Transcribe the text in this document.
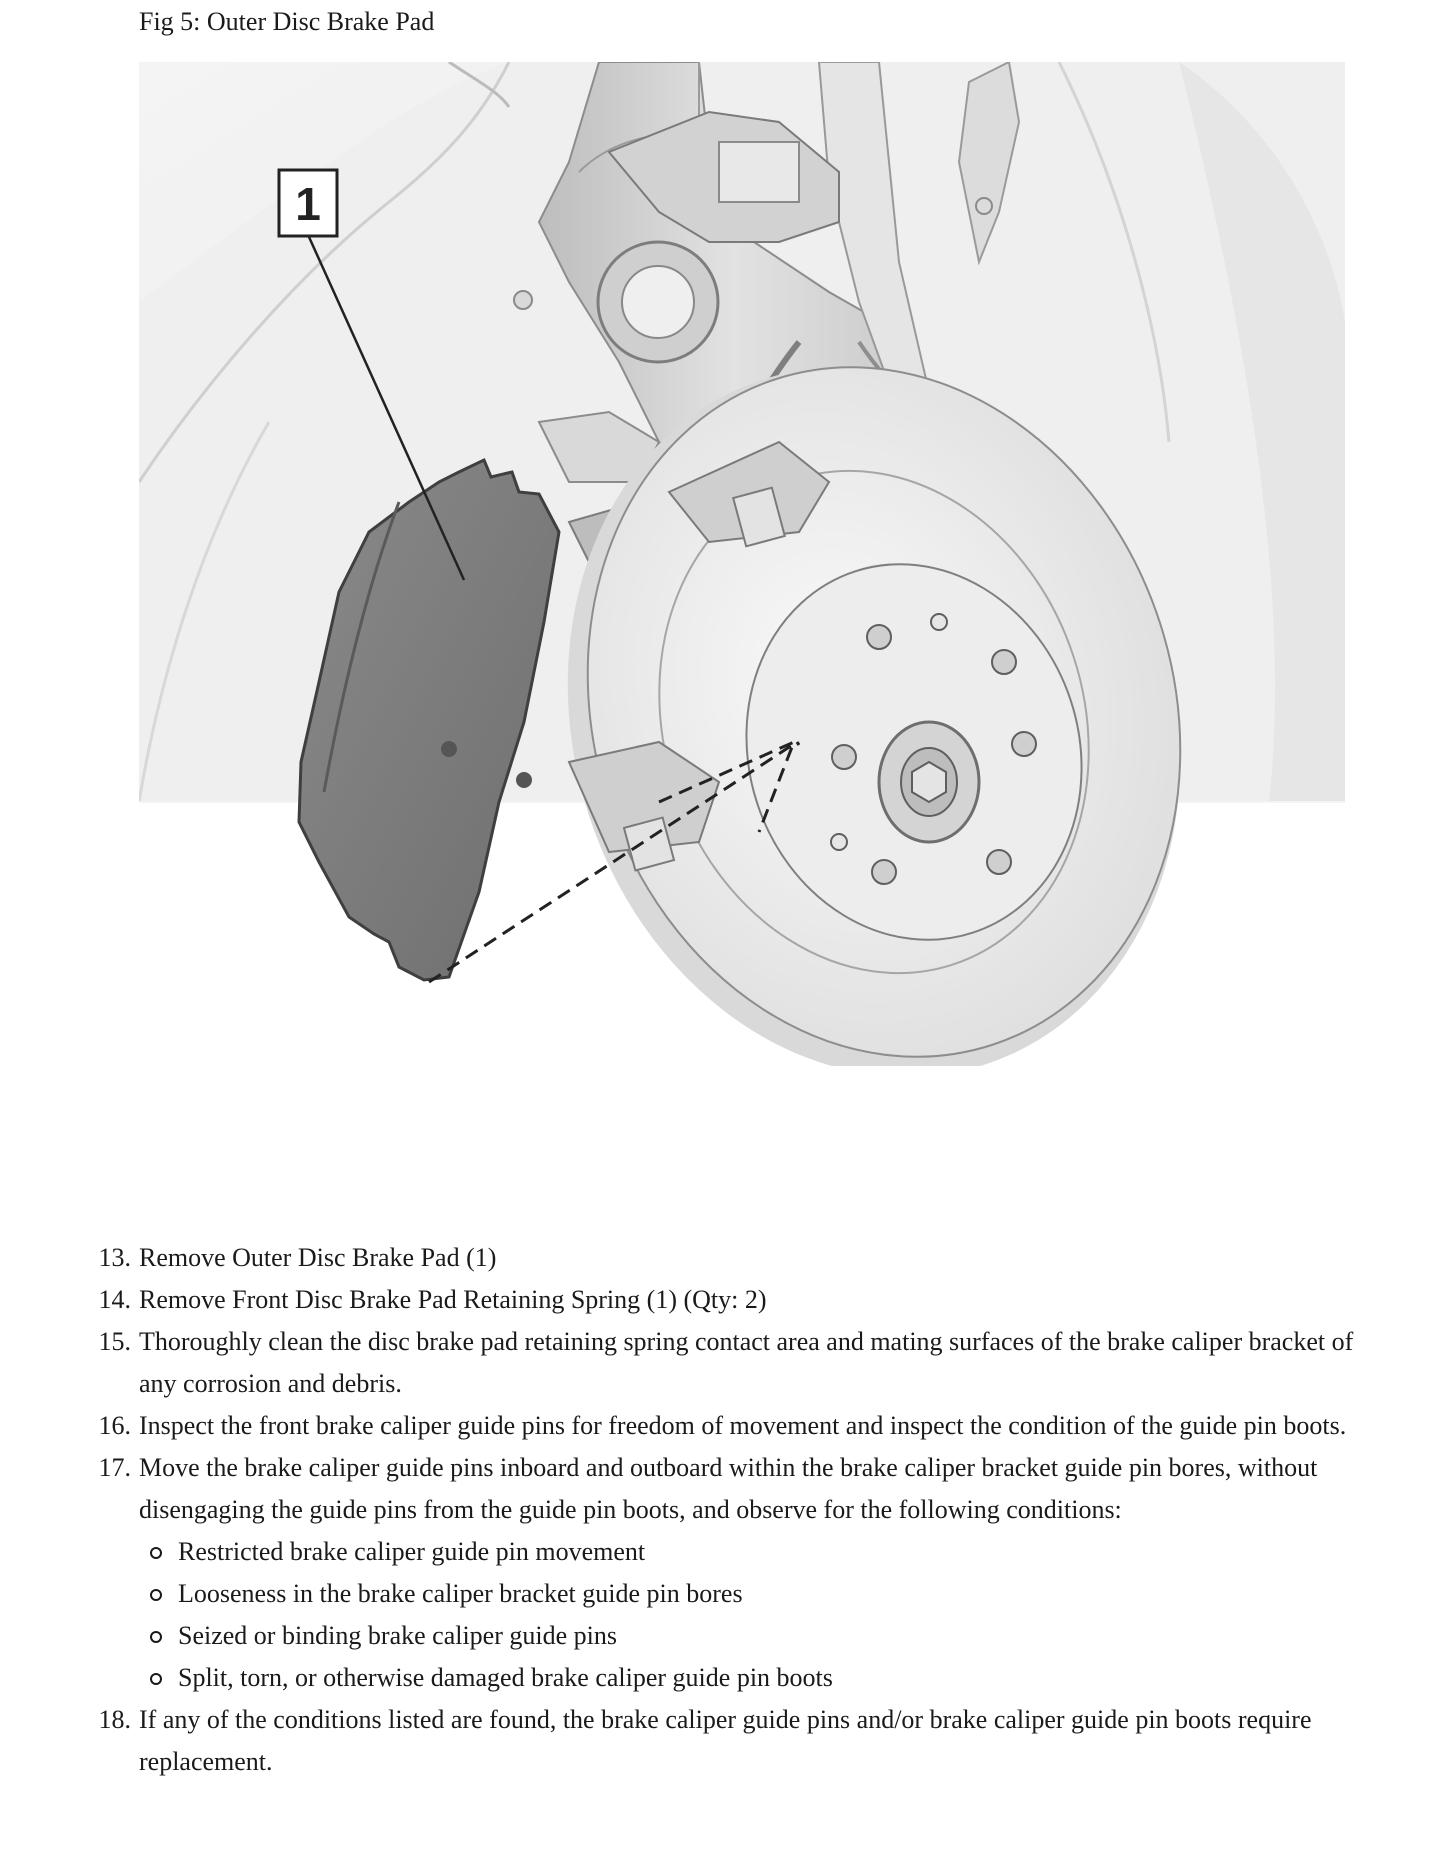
Fig 5: Outer Disc Brake Pad
1
13. Remove Outer Disc Brake Pad (1)
14. Remove Front Disc Brake Pad Retaining Spring (1) (Qty: 2)
15. Thoroughly clean the disc brake pad retaining spring contact area and mating surfaces of the brake caliper bracket of any corrosion and debris.
16. Inspect the front brake caliper guide pins for freedom of movement and inspect the condition of the guide pin boots.
17. Move the brake caliper guide pins inboard and outboard within the brake caliper bracket guide pin bores, without disengaging the guide pins from the guide pin boots, and observe for the following conditions:
Restricted brake caliper guide pin movement
Looseness in the brake caliper bracket guide pin bores
Seized or binding brake caliper guide pins
Split, torn, or otherwise damaged brake caliper guide pin boots
18. If any of the conditions listed are found, the brake caliper guide pins and/or brake caliper guide pin boots require replacement.
